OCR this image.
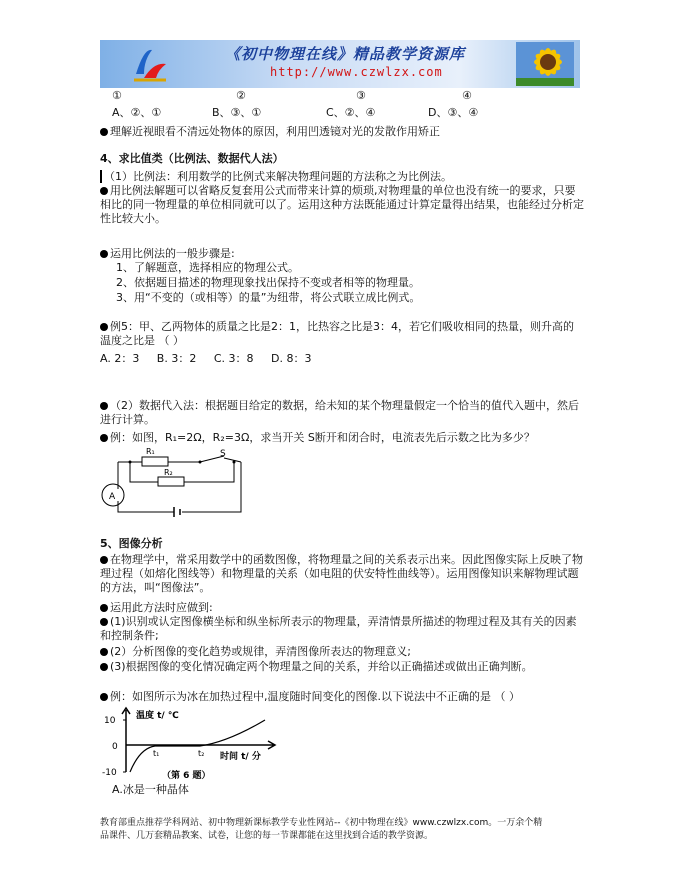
《初中物理在线》精品教学资源库
http://www.czwlzx.com
①	②	③	④
A、②、①	B、③、①	C、②、④	D、③、④
理解近视眼看不清远处物体的原因，利用凹透镜对光的发散作用矫正
4、求比值类（比例法、数据代人法）
（1）比例法：利用数学的比例式来解决物理问题的方法称之为比例法。
用比例法解题可以省略反复套用公式而带来计算的烦琐,对物理量的单位也没有统一的要求，只要相比的同一物理量的单位相同就可以了。运用这种方法既能通过计算定量得出结果，也能经过分析定性比较大小。
运用比例法的一般步骤是:
1、了解题意，选择相应的物理公式。
2、依据题目描述的物理现象找出保持不变或者相等的物理量。
3、用“不变的（或相等）的量”为纽带，将公式联立成比例式。
例5：甲、乙两物体的质量之比是2：1，比热容之比是3：4，若它们吸收相同的热量，则升高的温度之比是 （ ）
A. 2：3     B. 3：2     C. 3：8     D. 8：3
（2）数据代入法：根据题目给定的数据，给未知的某个物理量假定一个恰当的值代入题中，然后进行计算。
例：如图，R₁=2Ω，R₂=3Ω，求当开关 S断开和闭合时，电流表先后示数之比为多少？
R₁
R₂
S
A
5、图像分析
在物理学中，常采用数学中的函数图像，将物理量之间的关系表示出来。因此图像实际上反映了物理过程（如熔化图线等）和物理量的关系（如电阻的伏安特性曲线等）。运用图像知识来解物理试题的方法，叫“图像法”。
运用此方法时应做到:
(1)识别或认定图像横坐标和纵坐标所表示的物理量，弄清情景所描述的物理过程及其有关的因素和控制条件;
(2）分析图像的变化趋势或规律，弄清图像所表达的物理意义;
(3)根据图像的变化情况确定两个物理量之间的关系，并给以正确描述或做出正确判断。
例：如图所示为冰在加热过程中,温度随时间变化的图像.以下说法中不正确的是 （ ）
温度 t/ ℃
时间 t/ 分
10
0
-10
t₁	t₂
（第 6 题）
A.冰是一种晶体
教育部重点推荐学科网站、初中物理新课标教学专业性网站--《初中物理在线》www.czwlzx.com。一万余个精
品课件、几万套精品教案、试卷，让您的每一节课都能在这里找到合适的教学资源。
